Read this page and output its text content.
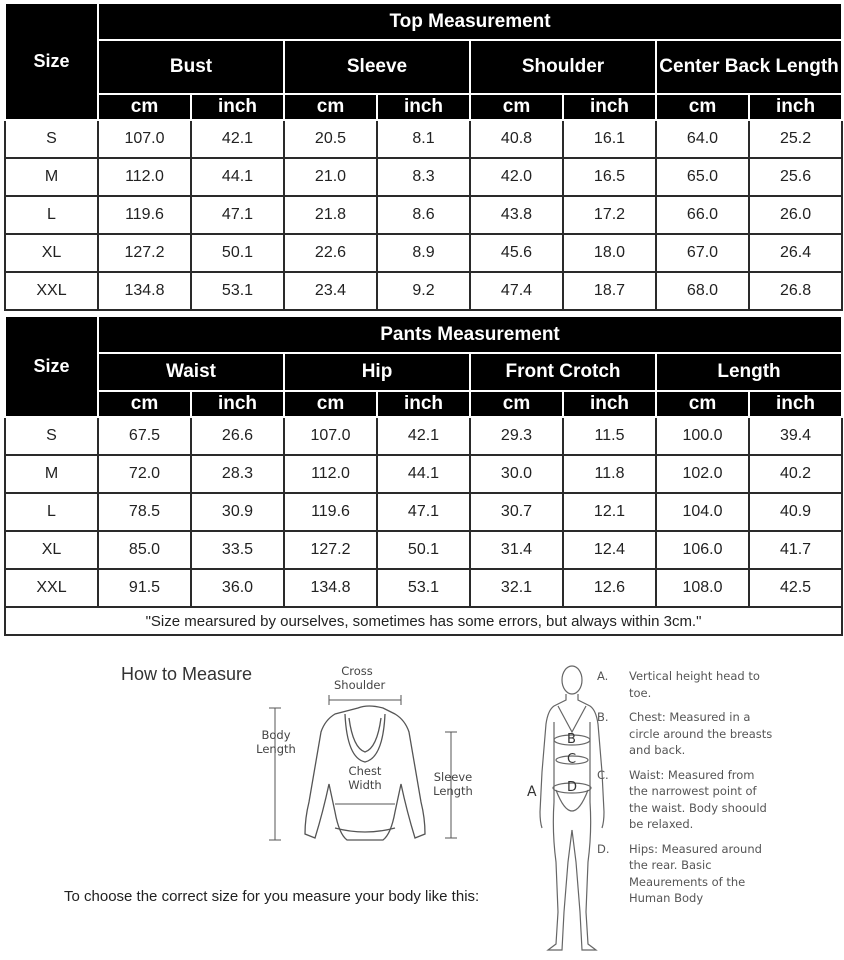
Size	Top Measurement							
	Bust		Sleeve		Shoulder		Center Back Length	
	cm	inch	cm	inch	cm	inch	cm	inch
S	107.0	42.1	20.5	8.1	40.8	16.1	64.0	25.2
M	112.0	44.1	21.0	8.3	42.0	16.5	65.0	25.6
L	119.6	47.1	21.8	8.6	43.8	17.2	66.0	26.0
XL	127.2	50.1	22.6	8.9	45.6	18.0	67.0	26.4
XXL	134.8	53.1	23.4	9.2	47.4	18.7	68.0	26.8
Size	Pants Measurement							
	Waist		Hip		Front Crotch		Length	
	cm	inch	cm	inch	cm	inch	cm	inch
S	67.5	26.6	107.0	42.1	29.3	11.5	100.0	39.4
M	72.0	28.3	112.0	44.1	30.0	11.8	102.0	40.2
L	78.5	30.9	119.6	47.1	30.7	12.1	104.0	40.9
XL	85.0	33.5	127.2	50.1	31.4	12.4	106.0	41.7
XXL	91.5	36.0	134.8	53.1	32.1	12.6	108.0	42.5
"Size mearsured by ourselves, sometimes has some errors, but always within 3cm."								
How to Measure	Cross
Shoulder
Body
Length
Chest
Width
Sleeve
Length	A
B
C
D
A. Vertical height head to toe.
B. Chest: Measured in a circle around the breasts and back.
C. Waist: Measured from the narrowest point of the waist. Body shoould be relaxed.
D. Hips: Measured around the rear. Basic Meaurements of the Human Body
To choose the correct size for you measure your body like this:
